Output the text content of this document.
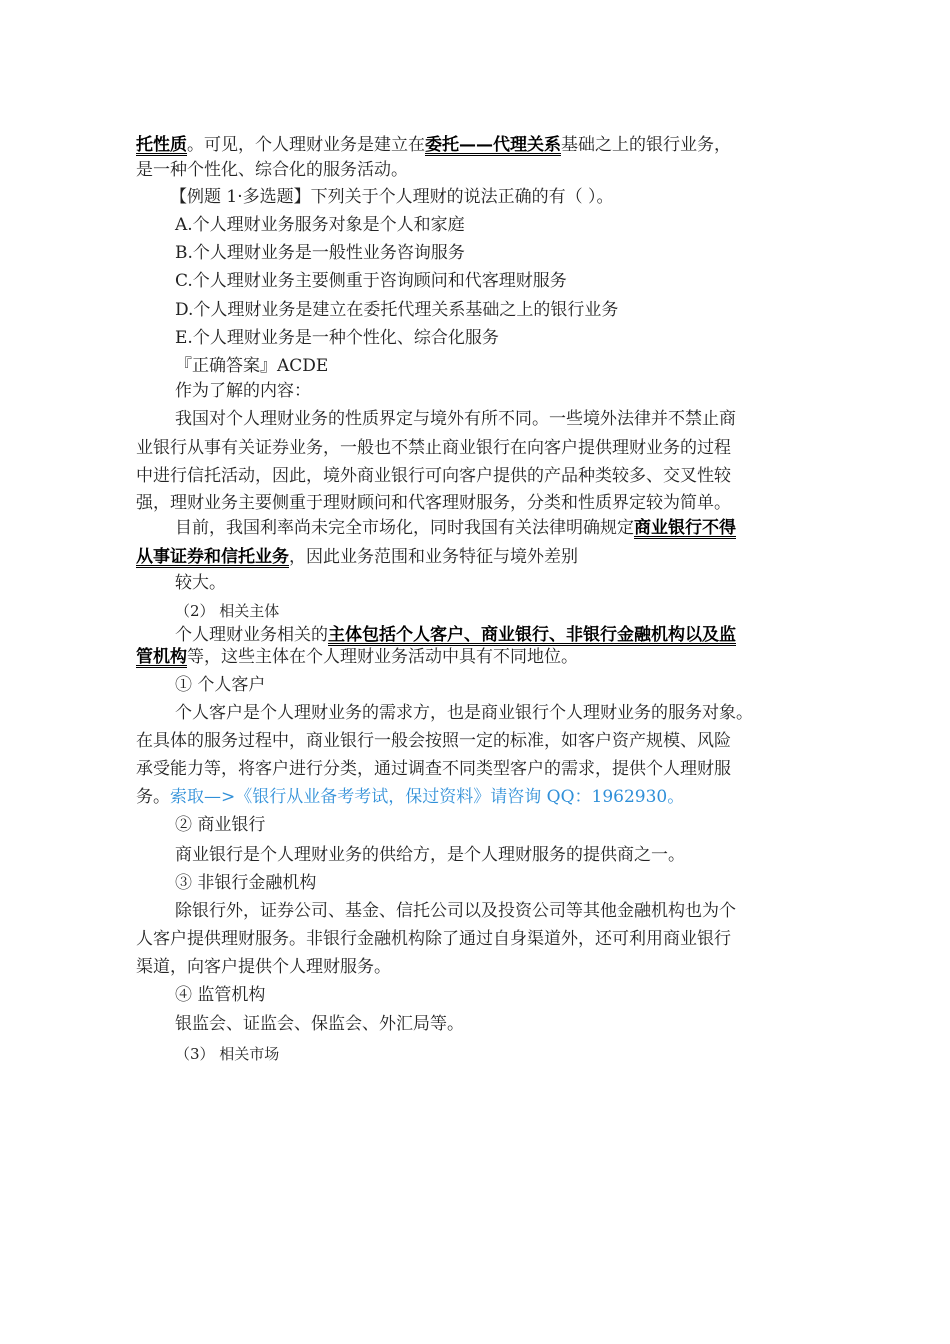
托性质。可见，个人理财业务是建立在委托——代理关系基础之上的银行业务，
是一种个性化、综合化的服务活动。
【例题 1·多选题】下列关于个人理财的说法正确的有（ ）。
A.个人理财业务服务对象是个人和家庭
B.个人理财业务是一般性业务咨询服务
C.个人理财业务主要侧重于咨询顾问和代客理财服务
D.个人理财业务是建立在委托代理关系基础之上的银行业务
E.个人理财业务是一种个性化、综合化服务
『正确答案』ACDE
作为了解的内容：
我国对个人理财业务的性质界定与境外有所不同。一些境外法律并不禁止商
业银行从事有关证券业务，一般也不禁止商业银行在向客户提供理财业务的过程
中进行信托活动，因此，境外商业银行可向客户提供的产品种类较多、交叉性较
强，理财业务主要侧重于理财顾问和代客理财服务，分类和性质界定较为简单。
目前，我国利率尚未完全市场化，同时我国有关法律明确规定商业银行不得
从事证券和信托业务，因此业务范围和业务特征与境外差别
较大。
（2） 相关主体
个人理财业务相关的主体包括个人客户、商业银行、非银行金融机构以及监
管机构等，这些主体在个人理财业务活动中具有不同地位。
① 个人客户
个人客户是个人理财业务的需求方，也是商业银行个人理财业务的服务对象。
在具体的服务过程中，商业银行一般会按照一定的标准，如客户资产规模、风险
承受能力等，将客户进行分类，通过调查不同类型客户的需求，提供个人理财服
务。索取—>《银行从业备考考试，保过资料》请咨询 QQ：1962930。
② 商业银行
商业银行是个人理财业务的供给方，是个人理财服务的提供商之一。
③ 非银行金融机构
除银行外，证券公司、基金、信托公司以及投资公司等其他金融机构也为个
人客户提供理财服务。非银行金融机构除了通过自身渠道外，还可利用商业银行
渠道，向客户提供个人理财服务。
④ 监管机构
银监会、证监会、保监会、外汇局等。
（3） 相关市场
